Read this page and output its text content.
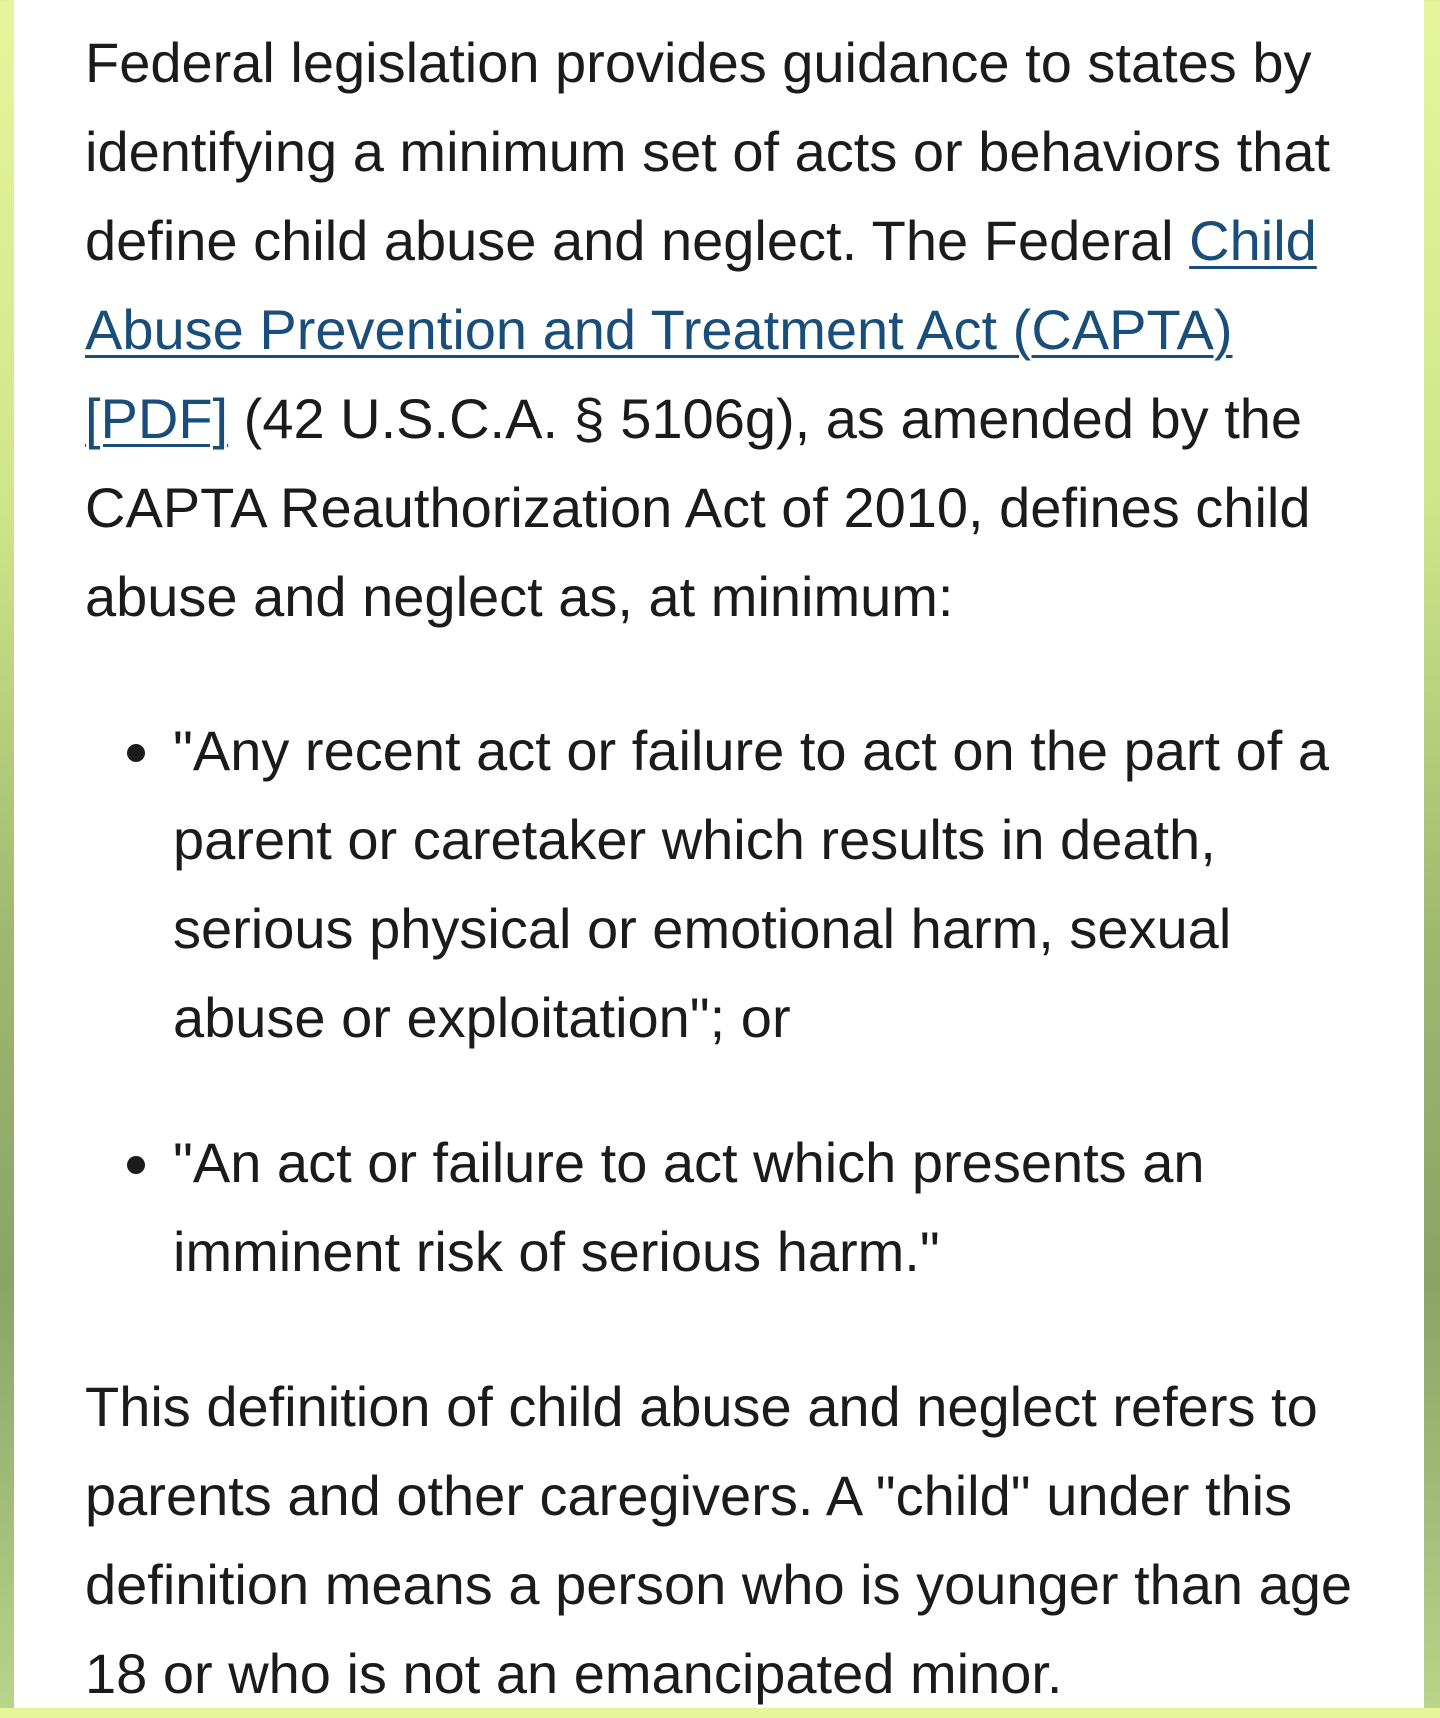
Federal legislation provides guidance to states by identifying a minimum set of acts or behaviors that define child abuse and neglect. The Federal Child Abuse Prevention and Treatment Act (CAPTA) [PDF] (42 U.S.C.A. § 5106g), as amended by the CAPTA Reauthorization Act of 2010, defines child abuse and neglect as, at minimum:

"Any recent act or failure to act on the part of a parent or caretaker which results in death, serious physical or emotional harm, sexual abuse or exploitation"; or
"An act or failure to act which presents an imminent risk of serious harm."

This definition of child abuse and neglect refers to parents and other caregivers. A "child" under this definition means a person who is younger than age 18 or who is not an emancipated minor.
